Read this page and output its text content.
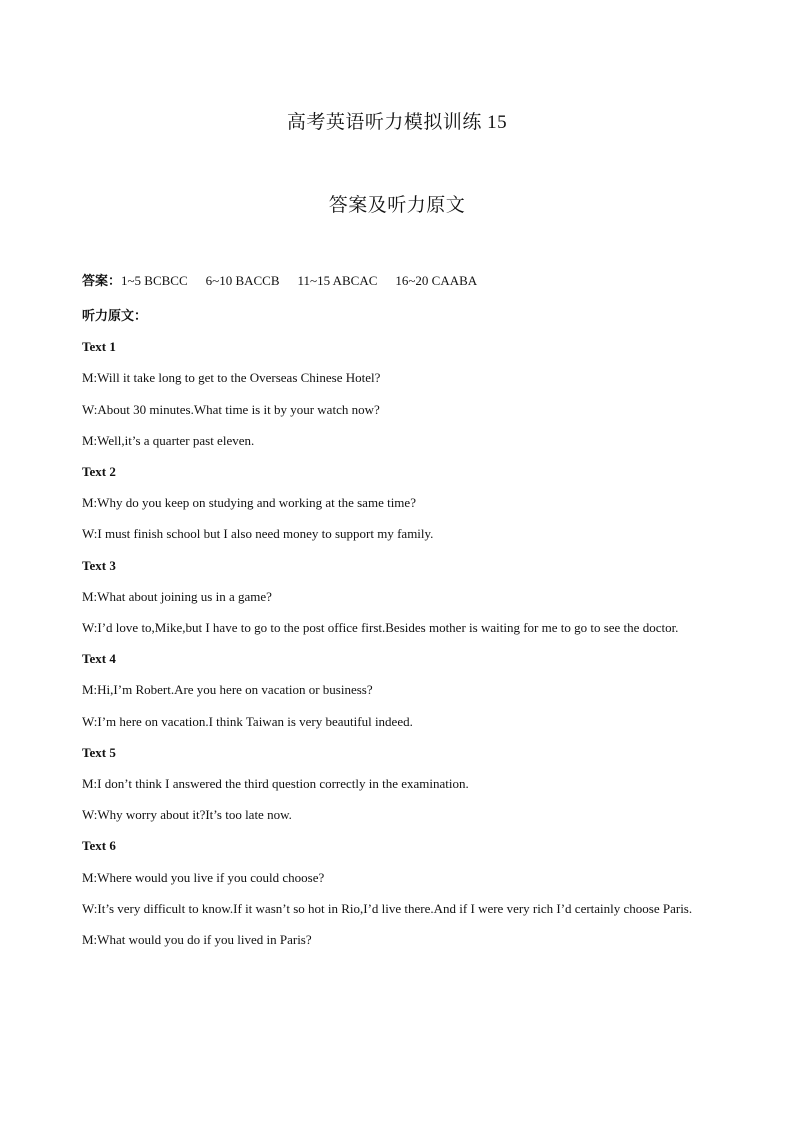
高考英语听力模拟训练 15
答案及听力原文
答案：1~5 BCBCC 6~10 BACCB 11~15 ABCAC 16~20 CAABA

听力原文：

Text 1

M:Will it take long to get to the Overseas Chinese Hotel?

W:About 30 minutes.What time is it by your watch now?

M:Well,it’s a quarter past eleven.

Text 2

M:Why do you keep on studying and working at the same time?

W:I must finish school but I also need money to support my family.

Text 3

M:What about joining us in a game?

W:I’d love to,Mike,but I have to go to the post office first.Besides mother is waiting for me to go to see the doctor.

Text 4

M:Hi,I’m Robert.Are you here on vacation or business?

W:I’m here on vacation.I think Taiwan is very beautiful indeed.

Text 5

M:I don’t think I answered the third question correctly in the examination.

W:Why worry about it?It’s too late now.

Text 6

M:Where would you live if you could choose?

W:It’s very difficult to know.If it wasn’t so hot in Rio,I’d live there.And if I were very rich I’d certainly choose Paris.

M:What would you do if you lived in Paris?
